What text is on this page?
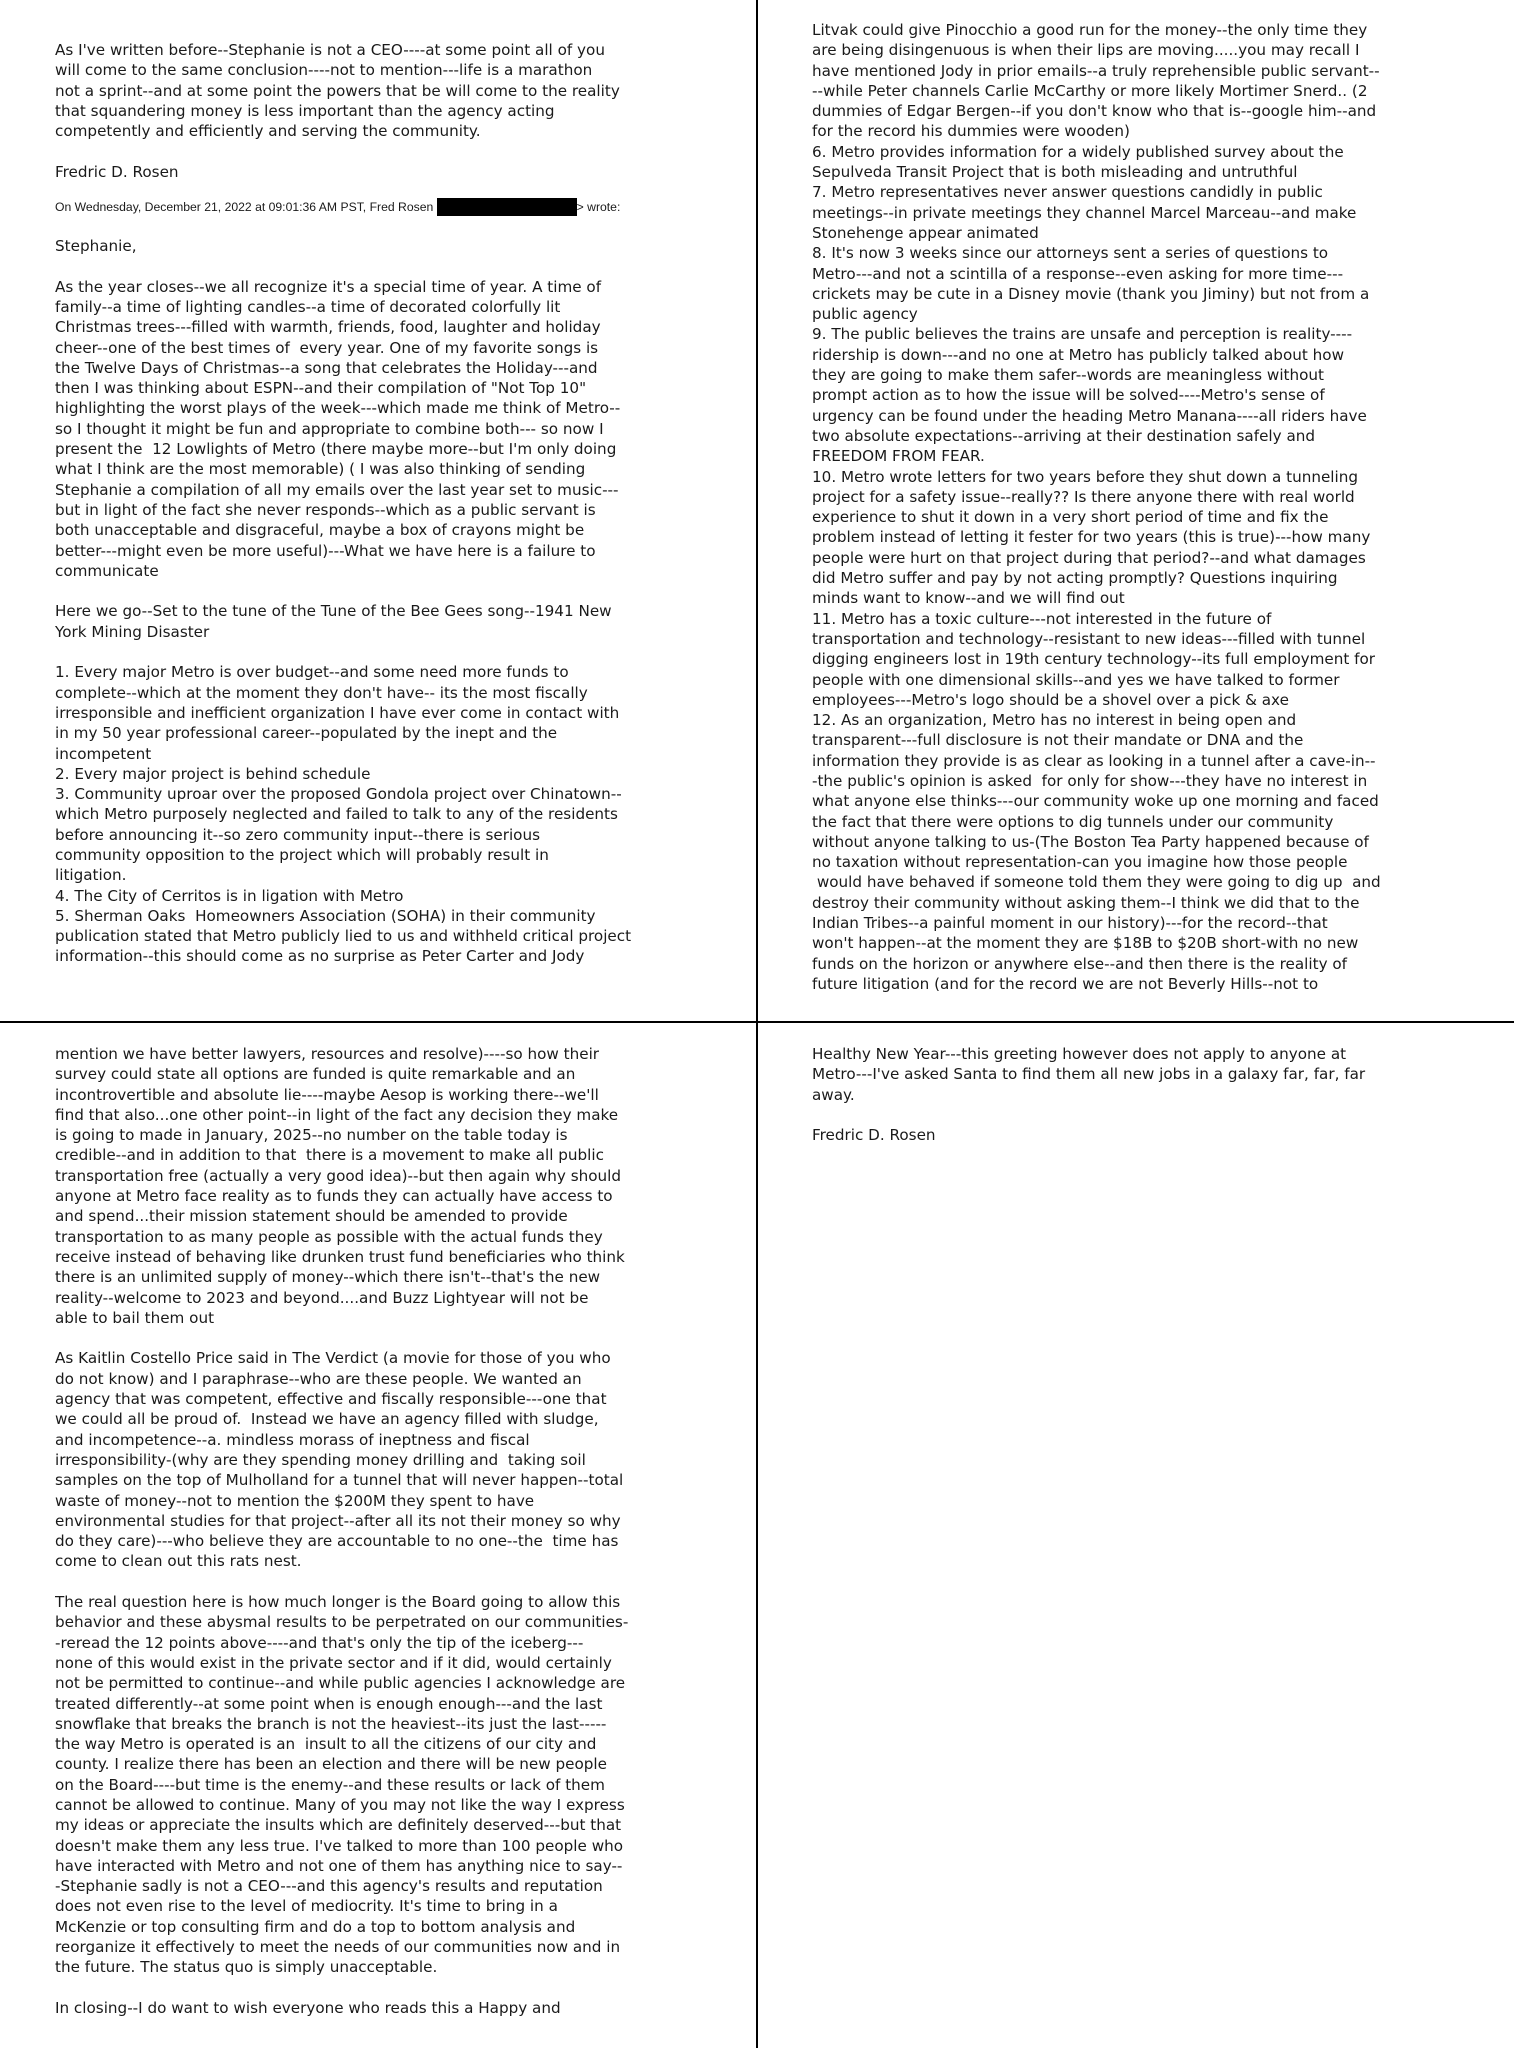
As I've written before--Stephanie is not a CEO----at some point all of you
will come to the same conclusion----not to mention---life is a marathon
not a sprint--and at some point the powers that be will come to the reality
that squandering money is less important than the agency acting
competently and efficiently and serving the community.
Fredric D. Rosen
On Wednesday, December 21, 2022 at 09:01:36 AM PST, Fred Rosen	> wrote:
Stephanie,
As the year closes--we all recognize it's a special time of year. A time of
family--a time of lighting candles--a time of decorated colorfully lit
Christmas trees---filled with warmth, friends, food, laughter and holiday
cheer--one of the best times of  every year. One of my favorite songs is
the Twelve Days of Christmas--a song that celebrates the Holiday---and
then I was thinking about ESPN--and their compilation of "Not Top 10"
highlighting the worst plays of the week---which made me think of Metro--
so I thought it might be fun and appropriate to combine both--- so now I
present the  12 Lowlights of Metro (there maybe more--but I'm only doing
what I think are the most memorable) ( I was also thinking of sending
Stephanie a compilation of all my emails over the last year set to music---
but in light of the fact she never responds--which as a public servant is
both unacceptable and disgraceful, maybe a box of crayons might be
better---might even be more useful)---What we have here is a failure to
communicate
Here we go--Set to the tune of the Tune of the Bee Gees song--1941 New
York Mining Disaster
1. Every major Metro is over budget--and some need more funds to
complete--which at the moment they don't have-- its the most fiscally
irresponsible and inefficient organization I have ever come in contact with
in my 50 year professional career--populated by the inept and the
incompetent
2. Every major project is behind schedule
3. Community uproar over the proposed Gondola project over Chinatown--
which Metro purposely neglected and failed to talk to any of the residents
before announcing it--so zero community input--there is serious
community opposition to the project which will probably result in
litigation.
4. The City of Cerritos is in ligation with Metro
5. Sherman Oaks  Homeowners Association (SOHA) in their community
publication stated that Metro publicly lied to us and withheld critical project
information--this should come as no surprise as Peter Carter and Jody
Litvak could give Pinocchio a good run for the money--the only time they
are being disingenuous is when their lips are moving.....you may recall I
have mentioned Jody in prior emails--a truly reprehensible public servant--
--while Peter channels Carlie McCarthy or more likely Mortimer Snerd.. (2
dummies of Edgar Bergen--if you don't know who that is--google him--and
for the record his dummies were wooden)
6. Metro provides information for a widely published survey about the
Sepulveda Transit Project that is both misleading and untruthful
7. Metro representatives never answer questions candidly in public
meetings--in private meetings they channel Marcel Marceau--and make
Stonehenge appear animated
8. It's now 3 weeks since our attorneys sent a series of questions to
Metro---and not a scintilla of a response--even asking for more time---
crickets may be cute in a Disney movie (thank you Jiminy) but not from a
public agency
9. The public believes the trains are unsafe and perception is reality----
ridership is down---and no one at Metro has publicly talked about how
they are going to make them safer--words are meaningless without
prompt action as to how the issue will be solved----Metro's sense of
urgency can be found under the heading Metro Manana----all riders have
two absolute expectations--arriving at their destination safely and
FREEDOM FROM FEAR.
10. Metro wrote letters for two years before they shut down a tunneling
project for a safety issue--really?? Is there anyone there with real world
experience to shut it down in a very short period of time and fix the
problem instead of letting it fester for two years (this is true)---how many
people were hurt on that project during that period?--and what damages
did Metro suffer and pay by not acting promptly? Questions inquiring
minds want to know--and we will find out
11. Metro has a toxic culture---not interested in the future of
transportation and technology--resistant to new ideas---filled with tunnel
digging engineers lost in 19th century technology--its full employment for
people with one dimensional skills--and yes we have talked to former
employees---Metro's logo should be a shovel over a pick & axe
12. As an organization, Metro has no interest in being open and
transparent---full disclosure is not their mandate or DNA and the
information they provide is as clear as looking in a tunnel after a cave-in--
-the public's opinion is asked  for only for show---they have no interest in
what anyone else thinks---our community woke up one morning and faced
the fact that there were options to dig tunnels under our community
without anyone talking to us-(The Boston Tea Party happened because of
no taxation without representation-can you imagine how those people
would have behaved if someone told them they were going to dig up  and
destroy their community without asking them--I think we did that to the
Indian Tribes--a painful moment in our history)---for the record--that
won't happen--at the moment they are $18B to $20B short-with no new
funds on the horizon or anywhere else--and then there is the reality of
future litigation (and for the record we are not Beverly Hills--not to
mention we have better lawyers, resources and resolve)----so how their
survey could state all options are funded is quite remarkable and an
incontrovertible and absolute lie----maybe Aesop is working there--we'll
find that also...one other point--in light of the fact any decision they make
is going to made in January, 2025--no number on the table today is
credible--and in addition to that  there is a movement to make all public
transportation free (actually a very good idea)--but then again why should
anyone at Metro face reality as to funds they can actually have access to
and spend...their mission statement should be amended to provide
transportation to as many people as possible with the actual funds they
receive instead of behaving like drunken trust fund beneficiaries who think
there is an unlimited supply of money--which there isn't--that's the new
reality--welcome to 2023 and beyond....and Buzz Lightyear will not be
able to bail them out
As Kaitlin Costello Price said in The Verdict (a movie for those of you who
do not know) and I paraphrase--who are these people. We wanted an
agency that was competent, effective and fiscally responsible---one that
we could all be proud of.  Instead we have an agency filled with sludge,
and incompetence--a. mindless morass of ineptness and fiscal
irresponsibility-(why are they spending money drilling and  taking soil
samples on the top of Mulholland for a tunnel that will never happen--total
waste of money--not to mention the $200M they spent to have
environmental studies for that project--after all its not their money so why
do they care)---who believe they are accountable to no one--the  time has
come to clean out this rats nest.
The real question here is how much longer is the Board going to allow this
behavior and these abysmal results to be perpetrated on our communities-
-reread the 12 points above----and that's only the tip of the iceberg---
none of this would exist in the private sector and if it did, would certainly
not be permitted to continue--and while public agencies I acknowledge are
treated differently--at some point when is enough enough---and the last
snowflake that breaks the branch is not the heaviest--its just the last-----
the way Metro is operated is an  insult to all the citizens of our city and
county. I realize there has been an election and there will be new people
on the Board----but time is the enemy--and these results or lack of them
cannot be allowed to continue. Many of you may not like the way I express
my ideas or appreciate the insults which are definitely deserved---but that
doesn't make them any less true. I've talked to more than 100 people who
have interacted with Metro and not one of them has anything nice to say--
-Stephanie sadly is not a CEO---and this agency's results and reputation
does not even rise to the level of mediocrity. It's time to bring in a
McKenzie or top consulting firm and do a top to bottom analysis and
reorganize it effectively to meet the needs of our communities now and in
the future. The status quo is simply unacceptable.
In closing--I do want to wish everyone who reads this a Happy and
Healthy New Year---this greeting however does not apply to anyone at
Metro---I've asked Santa to find them all new jobs in a galaxy far, far, far
away.
Fredric D. Rosen
